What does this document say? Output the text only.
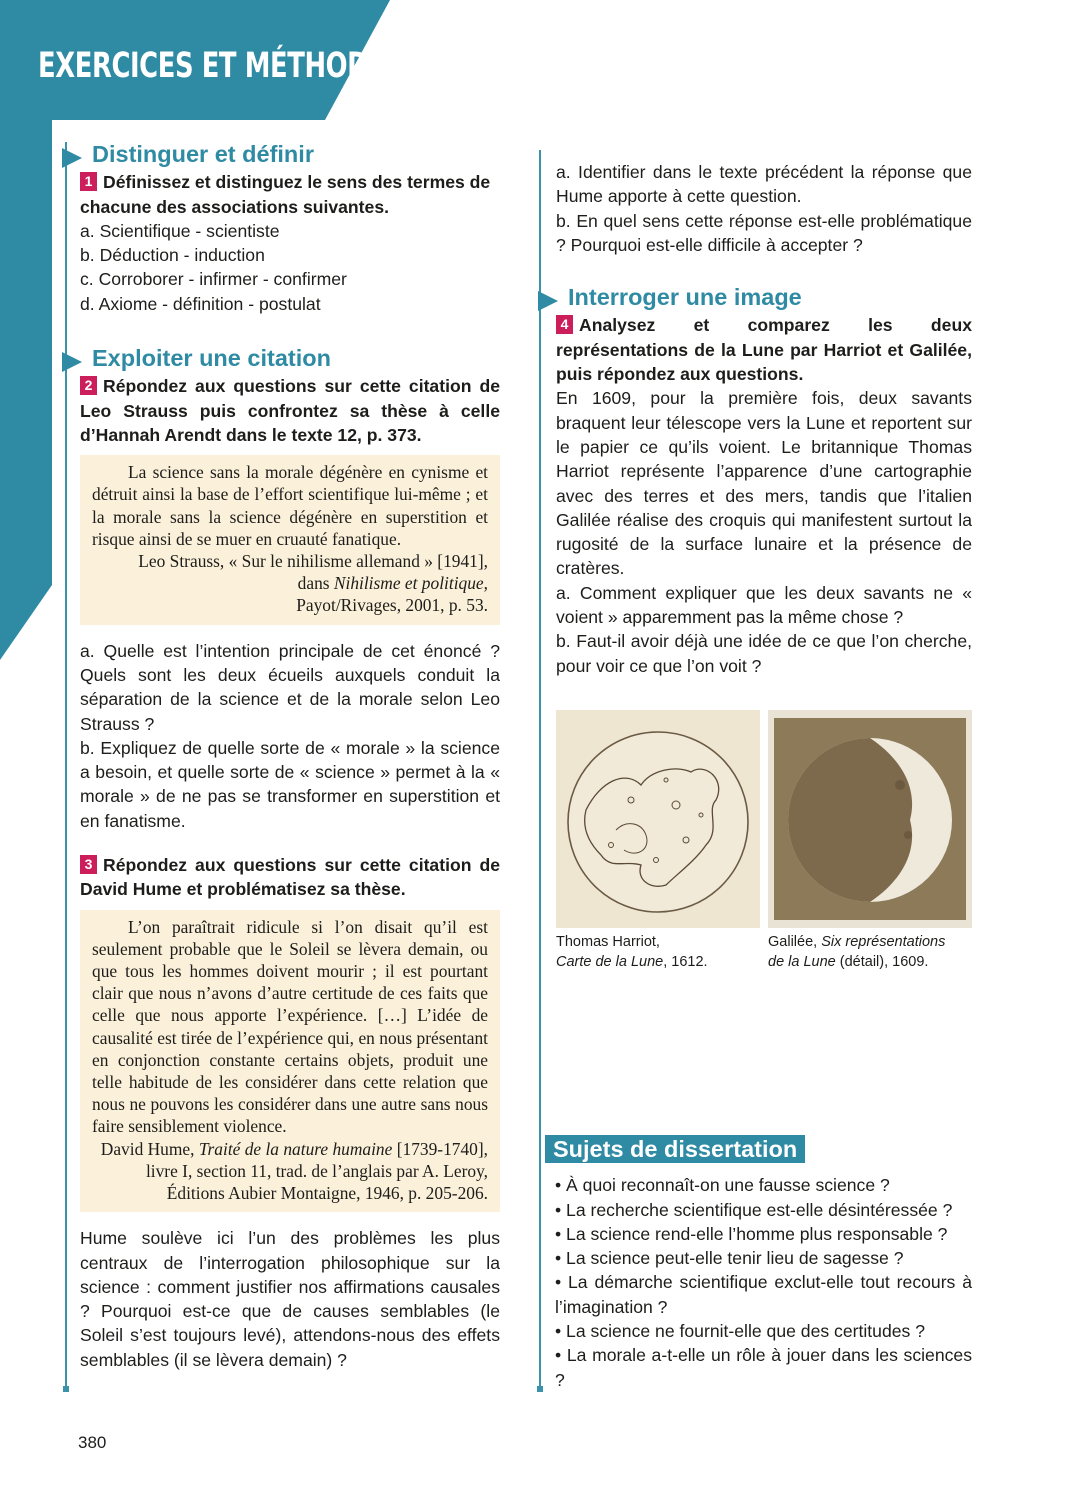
EXERCICES ET MÉTHODES
Distinguer et définir

1 Définissez et distinguez le sens des termes de chacune des associations suivantes.

a. Scientifique - scientiste

b. Déduction - induction

c. Corroborer - infirmer - confirmer

d. Axiome - définition - postulat

Exploiter une citation

2 Répondez aux questions sur cette citation de Leo Strauss puis confrontez sa thèse à celle d’Hannah Arendt dans le texte 12, p. 373.

La science sans la morale dégénère en cynisme et détruit ainsi la base de l’effort scientifique lui-même ; et la morale sans la science dégénère en superstition et risque ainsi de se muer en cruauté fanatique.
Leo Strauss, « Sur le nihilisme allemand » [1941],
dans Nihilisme et politique,
Payot/Rivages, 2001, p. 53.

a. Quelle est l’intention principale de cet énoncé ? Quels sont les deux écueils auxquels conduit la séparation de la science et de la morale selon Leo Strauss ?

b. Expliquez de quelle sorte de « morale » la science a besoin, et quelle sorte de « science » permet à la « morale » de ne pas se transformer en superstition et en fanatisme.

3 Répondez aux questions sur cette citation de David Hume et problématisez sa thèse.

L’on paraîtrait ridicule si l’on disait qu’il est seulement probable que le Soleil se lèvera demain, ou que tous les hommes doivent mourir ; il est pourtant clair que nous n’avons d’autre certitude de ces faits que celle que nous apporte l’expérience. […] L’idée de causalité est tirée de l’expérience qui, en nous présentant en conjonction constante certains objets, produit une telle habitude de les considérer dans cette relation que nous ne pouvons les considérer dans une autre sans nous faire sensiblement violence.
David Hume, Traité de la nature humaine [1739-1740], livre I, section 11, trad. de l’anglais par A. Leroy, Éditions Aubier Montaigne, 1946, p. 205-206.

Hume soulève ici l’un des problèmes les plus centraux de l’interrogation philosophique sur la science : comment justifier nos affirmations causales ? Pourquoi est-ce que de causes semblables (le Soleil s’est toujours levé), attendons-nous des effets semblables (il se lèvera demain) ?

a. Identifier dans le texte précédent la réponse que Hume apporte à cette question.

b. En quel sens cette réponse est-elle problématique ? Pourquoi est-elle difficile à accepter ?

Interroger une image

4 Analysez et comparez les deux représentations de la Lune par Harriot et Galilée, puis répondez aux questions.

En 1609, pour la première fois, deux savants braquent leur télescope vers la Lune et reportent sur le papier ce qu’ils voient. Le britannique Thomas Harriot représente l’apparence d’une cartographie avec des terres et des mers, tandis que l’italien Galilée réalise des croquis qui manifestent surtout la rugosité de la surface lunaire et la présence de cratères.

a. Comment expliquer que les deux savants ne « voient » apparemment pas la même chose ?

b. Faut-il avoir déjà une idée de ce que l’on cherche, pour voir ce que l’on voit ?

Thomas Harriot,
Carte de la Lune, 1612.
Galilée, Six représentations
de la Lune (détail), 1609.
Sujets de dissertation

• À quoi reconnaît-on une fausse science ?

• La recherche scientifique est-elle désintéressée ?

• La science rend-elle l’homme plus responsable ?

• La science peut-elle tenir lieu de sagesse ?

• La démarche scientifique exclut-elle tout recours à l’imagination ?

• La science ne fournit-elle que des certitudes ?

• La morale a-t-elle un rôle à jouer dans les sciences ?

380
